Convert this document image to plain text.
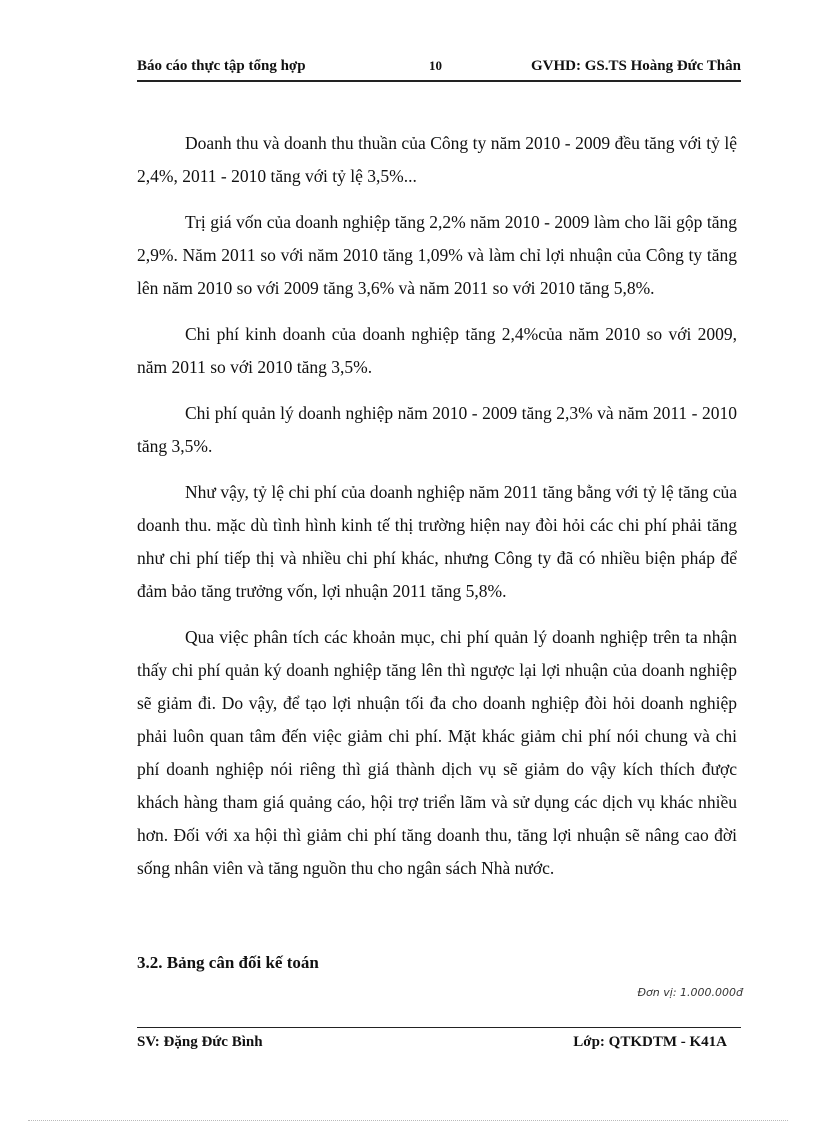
Báo cáo thực tập tổng hợp	10	GVHD: GS.TS Hoàng Đức Thân

Doanh thu và doanh thu thuần của Công ty năm 2010 - 2009 đều tăng với tỷ lệ 2,4%, 2011 - 2010 tăng với tỷ lệ 3,5%...

Trị giá vốn của doanh nghiệp tăng 2,2% năm 2010 - 2009 làm cho lãi gộp tăng 2,9%. Năm 2011 so với năm 2010 tăng 1,09% và làm chỉ lợi nhuận của Công ty tăng lên năm 2010 so với 2009 tăng 3,6% và năm 2011 so với 2010 tăng 5,8%.

Chi phí kinh doanh của doanh nghiệp tăng 2,4%của năm 2010 so với 2009, năm 2011 so với 2010 tăng 3,5%.

Chi phí quản lý doanh nghiệp năm 2010 - 2009 tăng 2,3% và năm 2011 - 2010 tăng 3,5%.

Như vậy, tỷ lệ chi phí của doanh nghiệp năm 2011 tăng bằng với tỷ lệ tăng của doanh thu. mặc dù tình hình kinh tế thị trường hiện nay đòi hỏi các chi phí phải tăng như chi phí tiếp thị và nhiều chi phí khác, nhưng Công ty đã có nhiều biện pháp để đảm bảo tăng trưởng vốn, lợi nhuận 2011 tăng 5,8%.

Qua việc phân tích các khoản mục, chi phí quản lý doanh nghiệp trên ta nhận thấy chi phí quản ký doanh nghiệp tăng lên thì ngược lại lợi nhuận của doanh nghiệp sẽ giảm đi. Do vậy, để tạo lợi nhuận tối đa cho doanh nghiệp đòi hỏi doanh nghiệp phải luôn quan tâm đến việc giảm chi phí. Mặt khác giảm chi phí nói chung và chi phí doanh nghiệp nói riêng thì giá thành dịch vụ sẽ giảm do vậy kích thích được khách hàng tham giá quảng cáo, hội trợ triển lãm và sử dụng các dịch vụ khác nhiều hơn. Đối với xa hội thì giảm chi phí tăng doanh thu, tăng lợi nhuận sẽ nâng cao đời sống nhân viên và tăng nguồn thu cho ngân sách Nhà nước.

3.2. Bảng cân đối kế toán
Đơn vị: 1.000.000đ
SV: Đặng Đức Bình	Lớp: QTKDTM - K41A
